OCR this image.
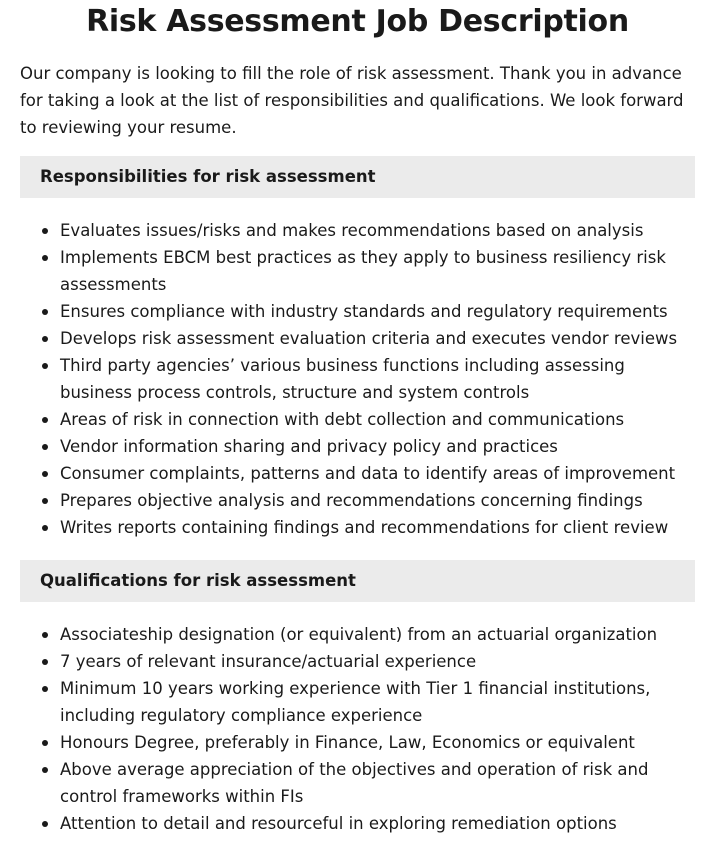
Risk Assessment Job Description

Our company is looking to fill the role of risk assessment. Thank you in advance for taking a look at the list of responsibilities and qualifications. We look forward to reviewing your resume.

Responsibilities for risk assessment
Evaluates issues/risks and makes recommendations based on analysis
Implements EBCM best practices as they apply to business resiliency risk assessments
Ensures compliance with industry standards and regulatory requirements
Develops risk assessment evaluation criteria and executes vendor reviews
Third party agencies’ various business functions including assessing business process controls, structure and system controls
Areas of risk in connection with debt collection and communications
Vendor information sharing and privacy policy and practices
Consumer complaints, patterns and data to identify areas of improvement
Prepares objective analysis and recommendations concerning findings
Writes reports containing findings and recommendations for client review
Qualifications for risk assessment
Associateship designation (or equivalent) from an actuarial organization
7 years of relevant insurance/actuarial experience
Minimum 10 years working experience with Tier 1 financial institutions, including regulatory compliance experience
Honours Degree, preferably in Finance, Law, Economics or equivalent
Above average appreciation of the objectives and operation of risk and control frameworks within FIs
Attention to detail and resourceful in exploring remediation options
